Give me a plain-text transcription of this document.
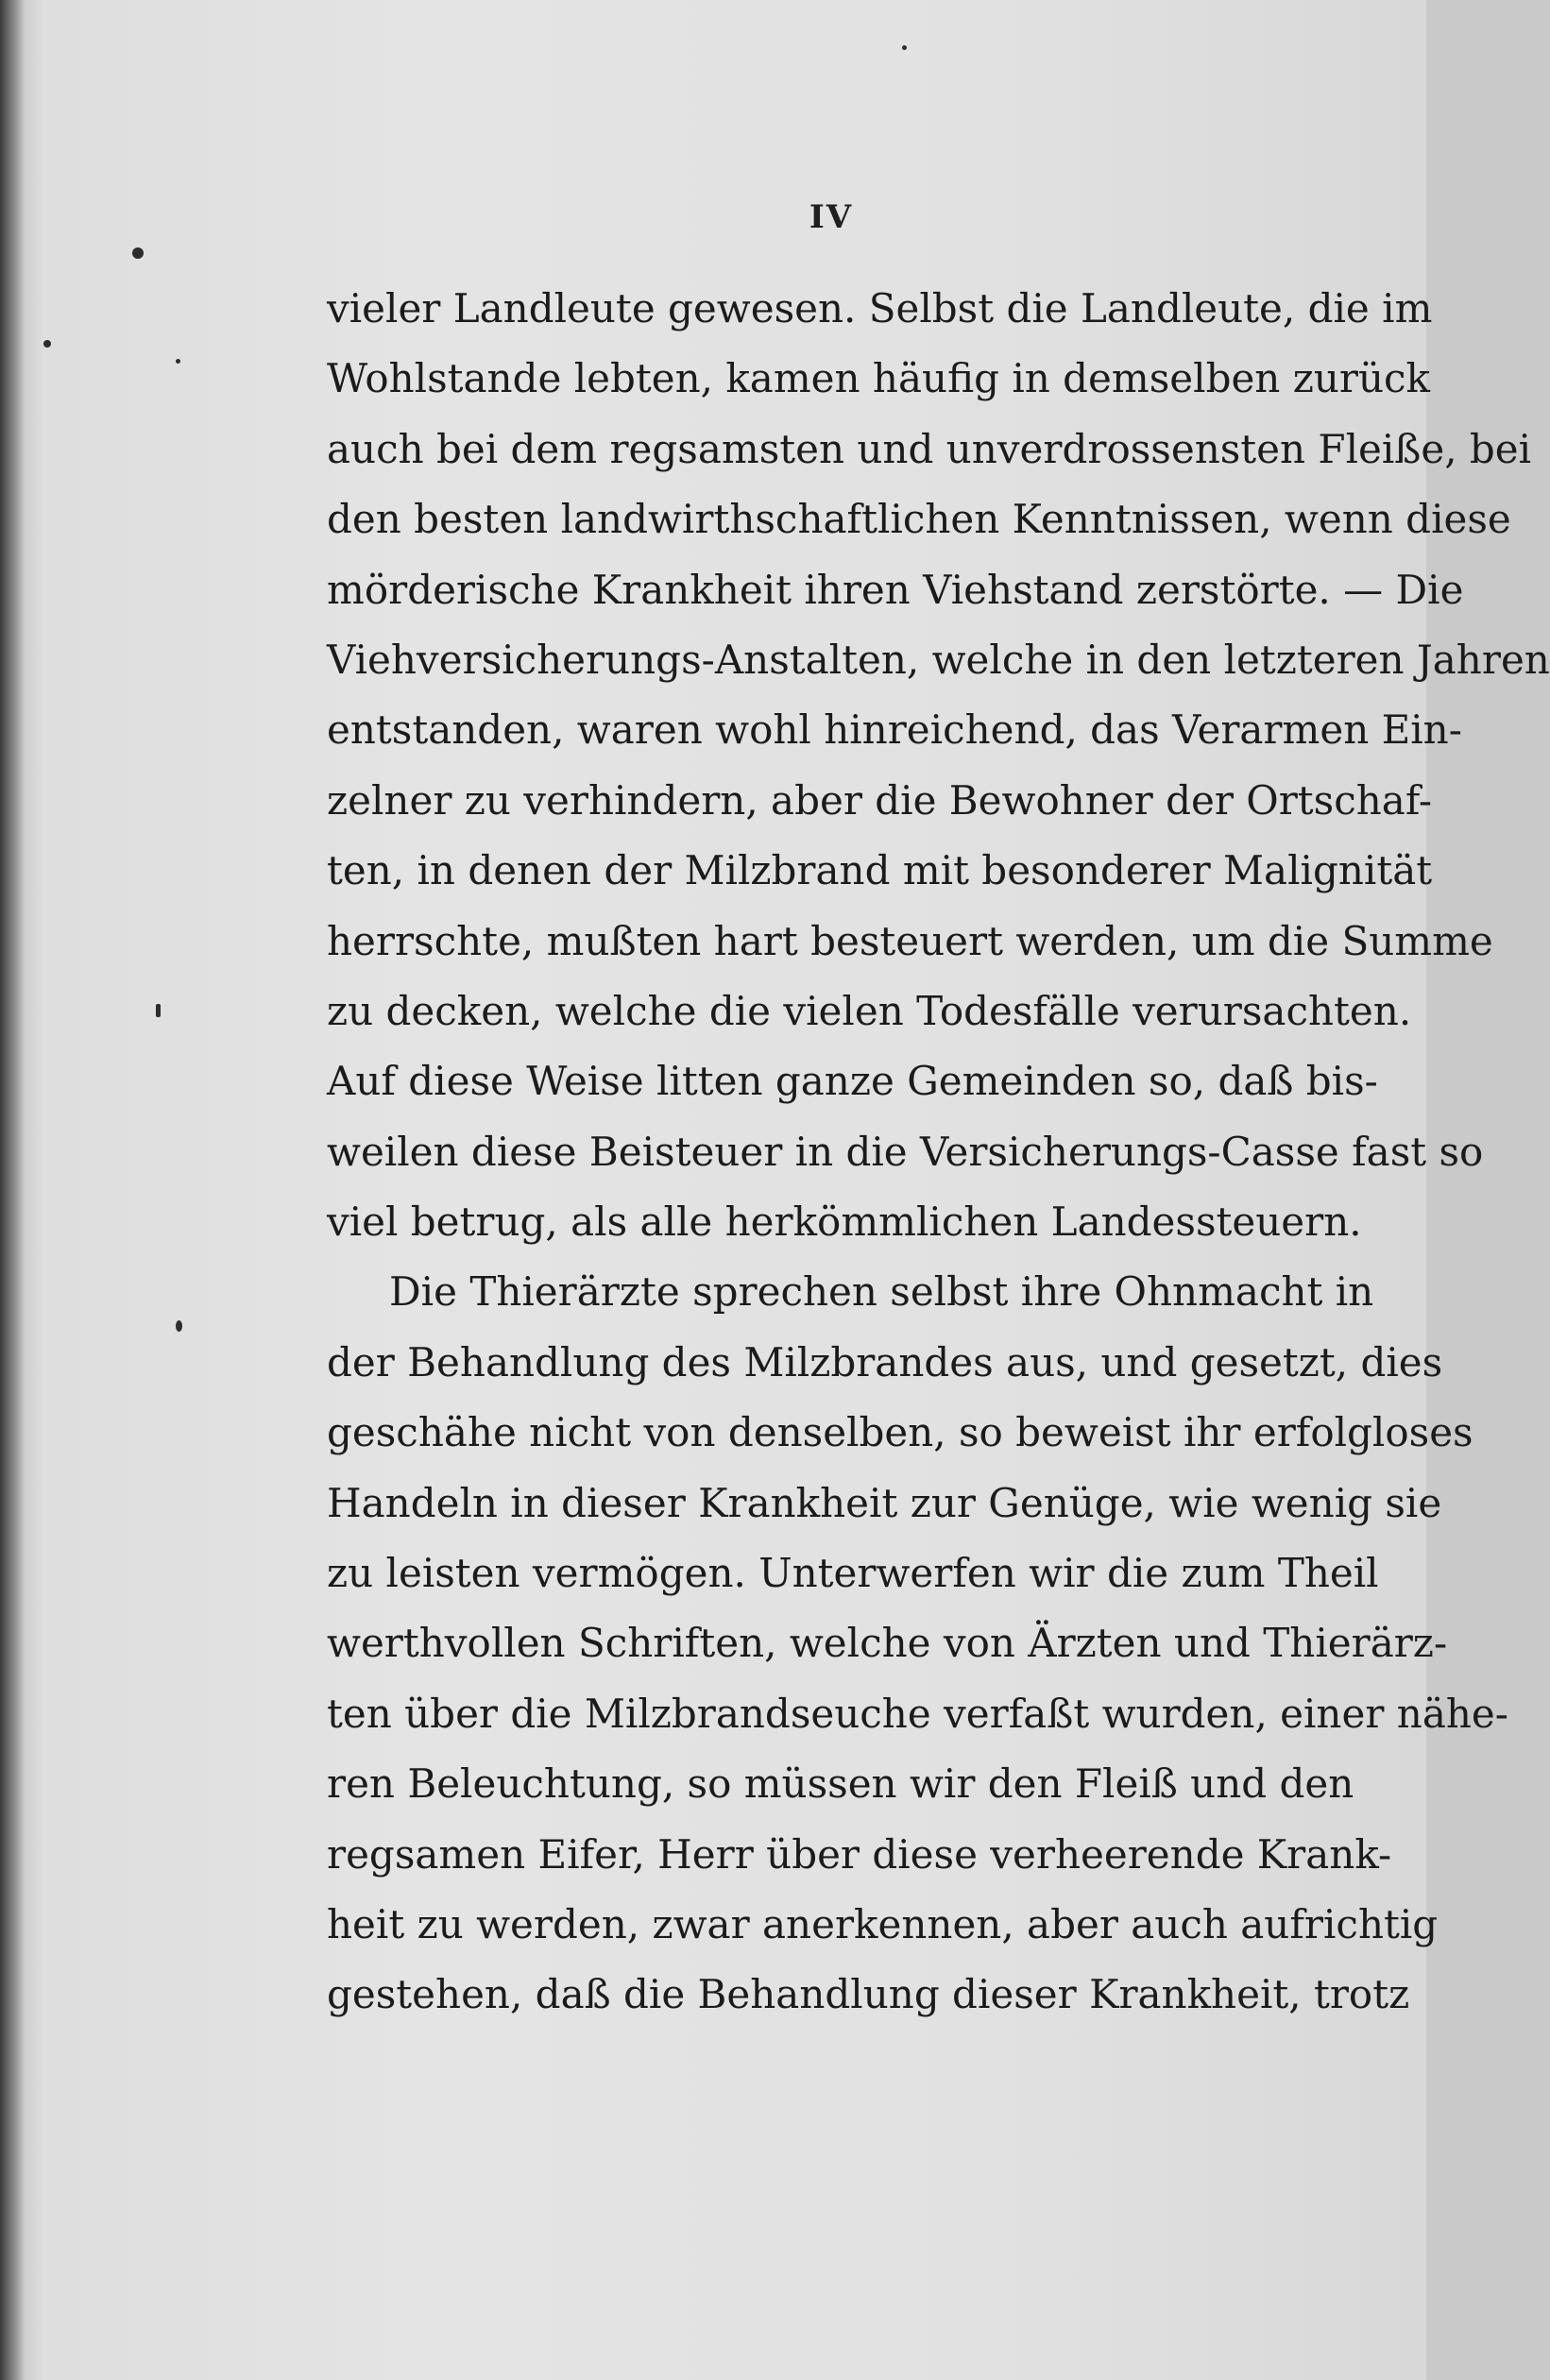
IV
vieler Landleute gewesen. Selbst die Landleute, die im
Wohlstande lebten, kamen häufig in demselben zurück
auch bei dem regsamsten und unverdrossensten Fleiße, bei
den besten landwirthschaftlichen Kenntnissen, wenn diese
mörderische Krankheit ihren Viehstand zerstörte. — Die
Viehversicherungs-Anstalten, welche in den letzteren Jahren
entstanden, waren wohl hinreichend, das Verarmen Ein-
zelner zu verhindern, aber die Bewohner der Ortschaf-
ten, in denen der Milzbrand mit besonderer Malignität
herrschte, mußten hart besteuert werden, um die Summe
zu decken, welche die vielen Todesfälle verursachten.
Auf diese Weise litten ganze Gemeinden so, daß bis-
weilen diese Beisteuer in die Versicherungs-Casse fast so
viel betrug, als alle herkömmlichen Landessteuern.
Die Thierärzte sprechen selbst ihre Ohnmacht in
der Behandlung des Milzbrandes aus, und gesetzt, dies
geschähe nicht von denselben, so beweist ihr erfolgloses
Handeln in dieser Krankheit zur Genüge, wie wenig sie
zu leisten vermögen. Unterwerfen wir die zum Theil
werthvollen Schriften, welche von Ärzten und Thierärz-
ten über die Milzbrandseuche verfaßt wurden, einer nähe-
ren Beleuchtung, so müssen wir den Fleiß und den
regsamen Eifer, Herr über diese verheerende Krank-
heit zu werden, zwar anerkennen, aber auch aufrichtig
gestehen, daß die Behandlung dieser Krankheit, trotz
